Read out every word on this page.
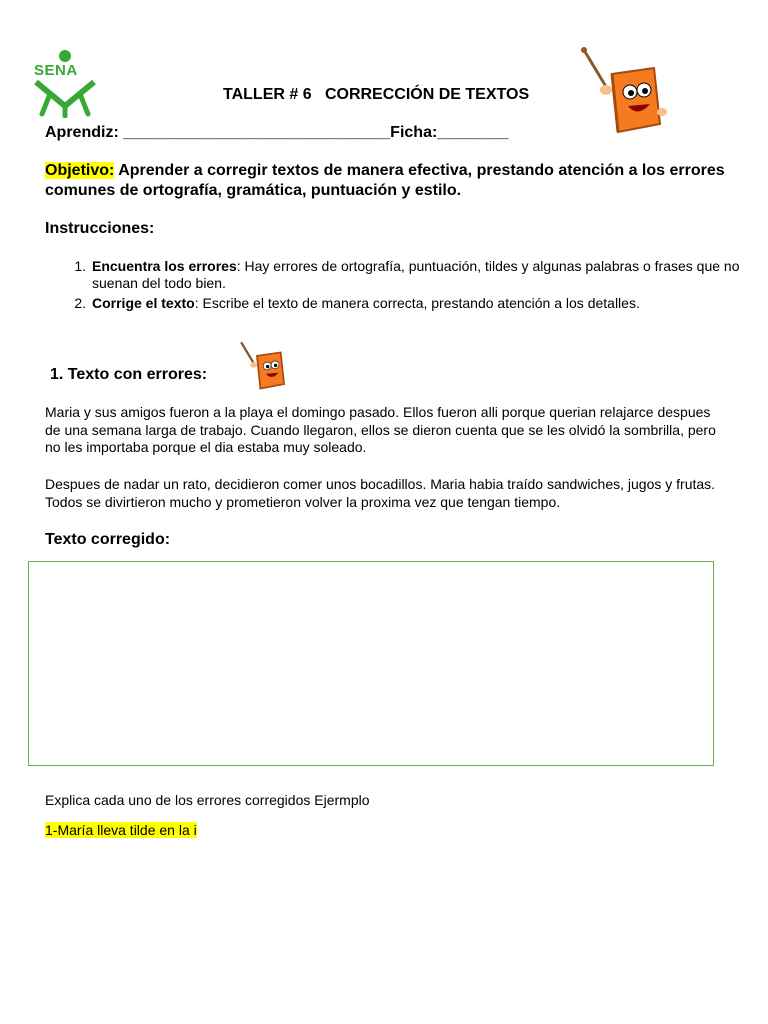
SENA
TALLER # 6   CORRECCIÓN DE TEXTOS
Aprendiz: ______________________________Ficha:________
Objetivo: Aprender a corregir textos de manera efectiva, prestando atención a los errores comunes de ortografía, gramática, puntuación y estilo.
Instrucciones:
1. Encuentra los errores: Hay errores de ortografía, puntuación, tildes y algunas palabras o frases que no suenan del todo bien.
2. Corrige el texto: Escribe el texto de manera correcta, prestando atención a los detalles.
1. Texto con errores:
Maria y sus amigos fueron a la playa el domingo pasado. Ellos fueron alli porque querian relajarce despues de una semana larga de trabajo. Cuando llegaron, ellos se dieron cuenta que se les olvidó la sombrilla, pero no les importaba porque el dia estaba muy soleado.
Despues de nadar un rato, decidieron comer unos bocadillos. Maria habia traído sandwiches, jugos y frutas. Todos se divirtieron mucho y prometieron volver la proxima vez que tengan tiempo.
Texto corregido:
Explica cada uno de los errores corregidos Ejermplo
1-María lleva tilde en la i
